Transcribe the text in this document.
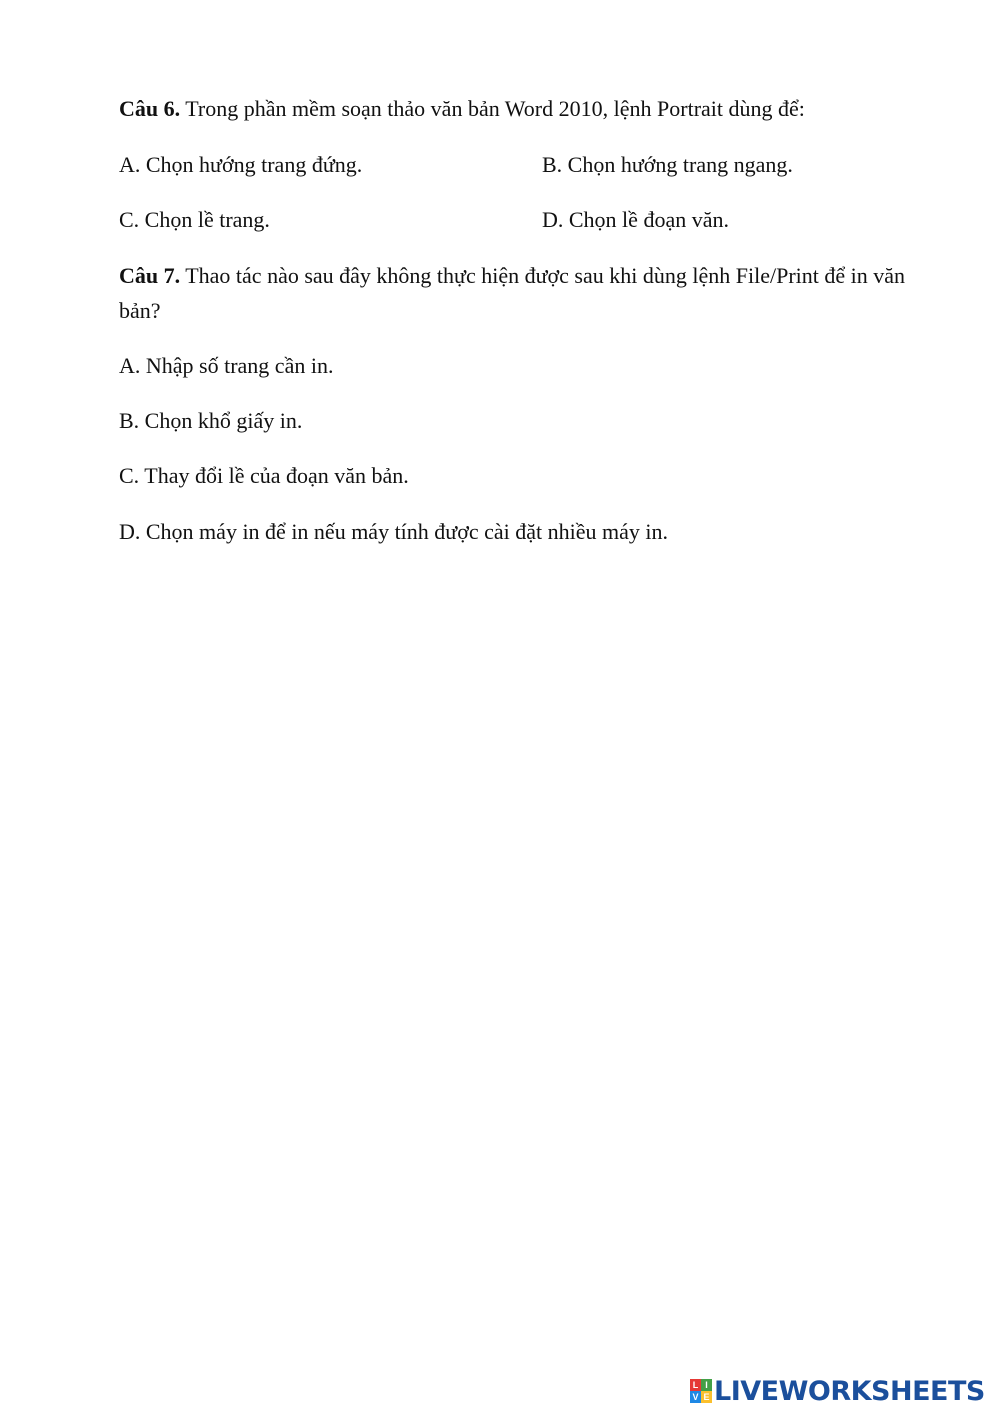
Câu 6. Trong phần mềm soạn thảo văn bản Word 2010, lệnh Portrait dùng để:
A. Chọn hướng trang đứng.	B. Chọn hướng trang ngang.
C. Chọn lề trang.	D. Chọn lề đoạn văn.
Câu 7. Thao tác nào sau đây không thực hiện được sau khi dùng lệnh File/Print để in văn bản?
A. Nhập số trang cần in.
B. Chọn khổ giấy in.
C. Thay đổi lề của đoạn văn bản.
D. Chọn máy in để in nếu máy tính được cài đặt nhiều máy in.
L I
V E LIVEWORKSHEETS
